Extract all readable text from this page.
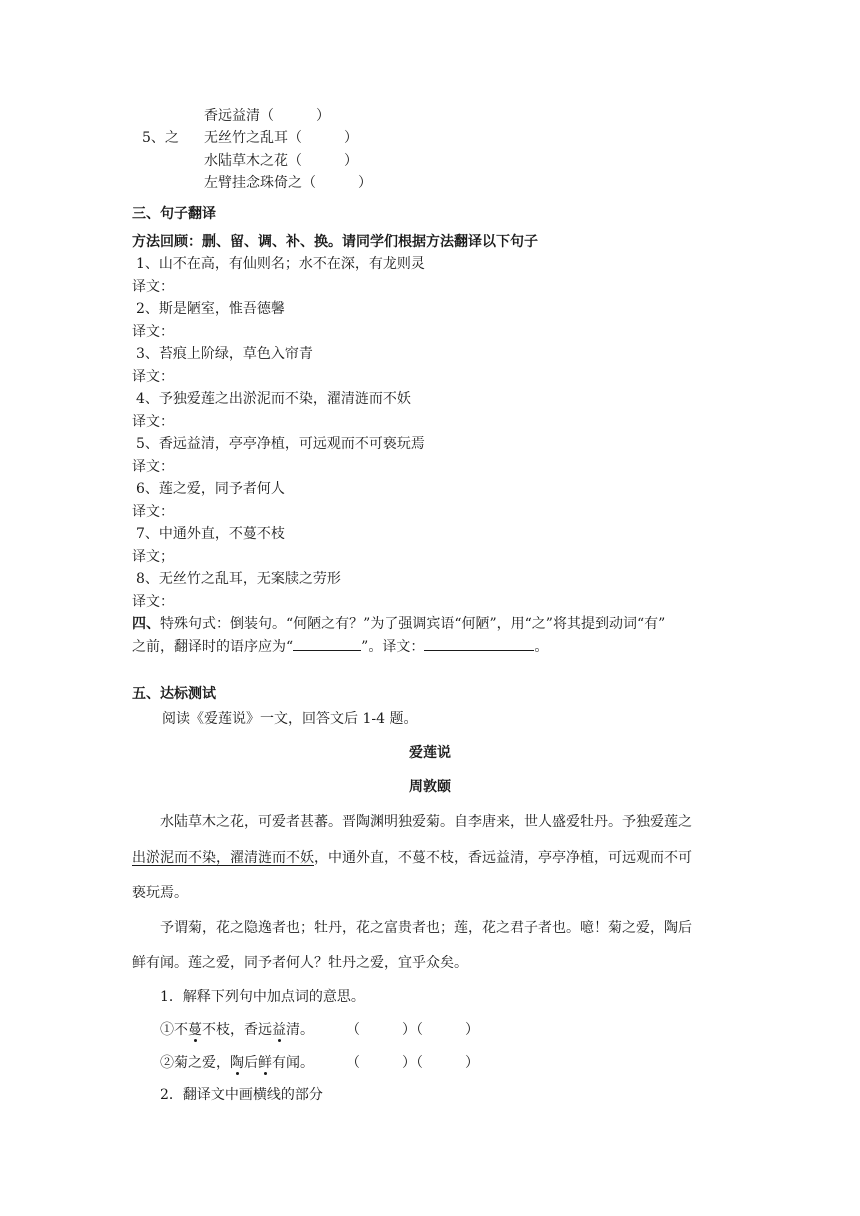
香远益清（　　　）
5、之 无丝竹之乱耳（　　　）
水陆草木之花（　　　）
左臂挂念珠倚之（　　　）
三、句子翻译
方法回顾：删、留、调、补、换。请同学们根据方法翻译以下句子
1、山不在高，有仙则名；水不在深，有龙则灵
译文：
2、斯是陋室，惟吾德馨
译文：
3、苔痕上阶绿，草色入帘青
译文：
4、予独爱莲之出淤泥而不染，濯清涟而不妖
译文：
5、香远益清，亭亭净植，可远观而不可亵玩焉
译文：
6、莲之爱，同予者何人
译文：
7、中通外直，不蔓不枝
译文；
8、无丝竹之乱耳，无案牍之劳形
译文：
四、特殊句式：倒装句。“何陋之有？”为了强调宾语“何陋”，用“之”将其提到动词“有”
之前，翻译时的语序应为“	”。译文：	。
五、达标测试
阅读《爱莲说》一文，回答文后 1-4 题。
爱莲说
周敦颐
水陆草木之花，可爱者甚蕃。晋陶渊明独爱菊。自李唐来，世人盛爱牡丹。予独爱莲之
出淤泥而不染，濯清涟而不妖，中通外直，不蔓不枝，香远益清，亭亭净植，可远观而不可
亵玩焉。
予谓菊，花之隐逸者也；牡丹，花之富贵者也；莲，花之君子者也。噫！菊之爱，陶后
鲜有闻。莲之爱，同予者何人？牡丹之爱，宜乎众矣。
1．解释下列句中加点词的意思。
①不蔓不枝，香远益清。 （　　　）（　　　）
②菊之爱，陶后鲜有闻。 （　　　）（　　　）
2．翻译文中画横线的部分
